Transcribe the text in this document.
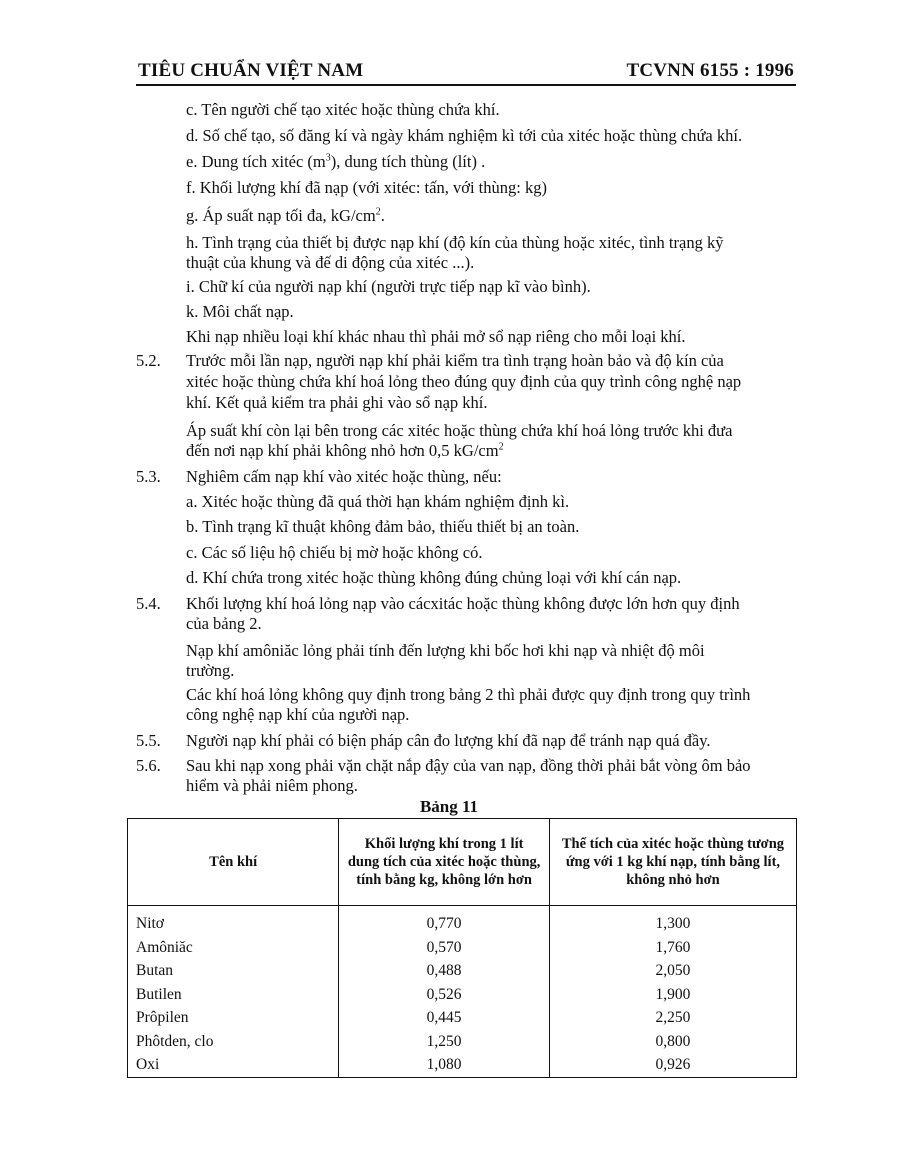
TIÊU CHUẨN VIỆT NAM	TCVNN 6155 : 1996
c. Tên người chế tạo xitéc hoặc thùng chứa khí.
d. Số chế tạo, số đăng kí và ngày khám nghiệm kì tới của xitéc hoặc thùng chứa khí.
e. Dung tích xitéc $(m^3)$, dung tích thùng (lít) .
f. Khối lượng khí đã nạp (với xitéc: tấn, với thùng: kg)
g. Áp suất nạp tối đa, $kG/cm^2$.
h. Tình trạng của thiết bị được nạp khí (độ kín của thùng hoặc xitéc, tình trạng kỹ
thuật của khung và đế di động của xitéc ...).
i. Chữ kí của người nạp khí (người trực tiếp nạp kĩ vào bình).
k. Môi chất nạp.
Khi nạp nhiều loại khí khác nhau thì phải mở sổ nạp riêng cho mỗi loại khí.
5.2. Trước mỗi lần nạp, người nạp khí phải kiểm tra tình trạng hoàn bảo và độ kín của
xitéc hoặc thùng chứa khí hoá lỏng theo đúng quy định của quy trình công nghệ nạp
khí. Kết quả kiểm tra phải ghi vào sổ nạp khí.
Áp suất khí còn lại bên trong các xitéc hoặc thùng chứa khí hoá lỏng trước khi đưa
đến nơi nạp khí phải không nhỏ hơn 0,5 $kG/cm^2$
5.3. Nghiêm cấm nạp khí vào xitéc hoặc thùng, nếu:
a. Xitéc hoặc thùng đã quá thời hạn khám nghiệm định kì.
b. Tình trạng kĩ thuật không đảm bảo, thiếu thiết bị an toàn.
c. Các số liệu hộ chiếu bị mờ hoặc không có.
d. Khí chứa trong xitéc hoặc thùng không đúng chủng loại với khí cán nạp.
5.4. Khối lượng khí hoá lỏng nạp vào cácxitác hoặc thùng không được lớn hơn quy định
của bảng 2.
Nạp khí amôniăc lỏng phải tính đến lượng khi bốc hơi khi nạp và nhiệt độ môi
trường.
Các khí hoá lỏng không quy định trong bảng 2 thì phải được quy định trong quy trình
công nghệ nạp khí của người nạp.
5.5. Người nạp khí phải có biện pháp cân đo lượng khí đã nạp để tránh nạp quá đầy.
5.6. Sau khi nạp xong phải vặn chặt nắp đậy của van nạp, đồng thời phải bắt vòng ôm bảo
hiểm và phải niêm phong.
Bảng 11
Tên khí	Khối lượng khí trong 1 lít dung tích của xitéc hoặc thùng, tính bằng kg, không lớn hơn	Thể tích của xitéc hoặc thùng tương ứng với 1 kg khí nạp, tính bằng lít, không nhỏ hơn
Nitơ	0,770	1,300
Amôniăc	0,570	1,760
Butan	0,488	2,050
Butilen	0,526	1,900
Prôpilen	0,445	2,250
Phôtden, clo	1,250	0,800
Oxi	1,080	0,926
